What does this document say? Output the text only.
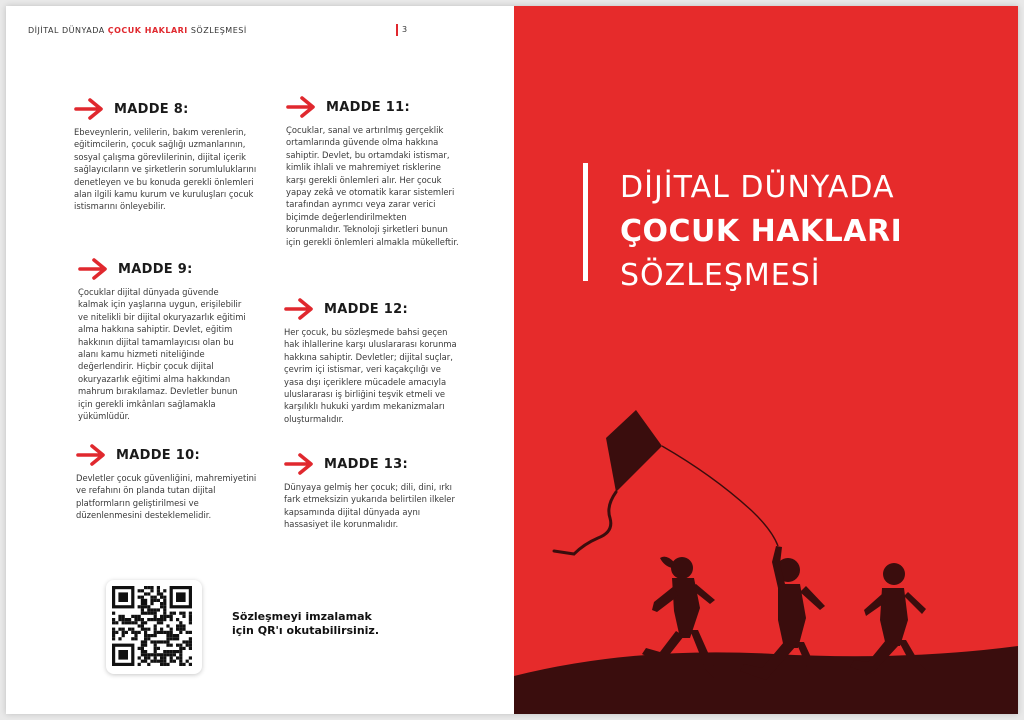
DİJİTAL DÜNYADA ÇOCUK HAKLARI SÖZLEŞMESİ	3
MADDE 8:
Ebeveynlerin, velilerin, bakım verenlerin, eğitimcilerin, çocuk sağlığı uzmanlarının, sosyal çalışma görevlilerinin, dijital içerik sağlayıcıların ve şirketlerin sorumluluklarını denetleyen ve bu konuda gerekli önlemleri alan ilgili kamu kurum ve kuruluşları çocuk istismarını önleyebilir.
MADDE 9:
Çocuklar dijital dünyada güvende kalmak için yaşlarına uygun, erişilebilir ve nitelikli bir dijital okuryazarlık eğitimi alma hakkına sahiptir. Devlet, eğitim hakkının dijital tamamlayıcısı olan bu alanı kamu hizmeti niteliğinde değerlendirir. Hiçbir çocuk dijital okuryazarlık eğitimi alma hakkından mahrum bırakılamaz. Devletler bunun için gerekli imkânları sağlamakla yükümlüdür.
MADDE 10:
Devletler çocuk güvenliğini, mahremiyetini ve refahını ön planda tutan dijital platformların geliştirilmesi ve düzenlenmesini desteklemelidir.
MADDE 11:
Çocuklar, sanal ve artırılmış gerçeklik ortamlarında güvende olma hakkına sahiptir. Devlet, bu ortamdaki istismar, kimlik ihlali ve mahremiyet risklerine karşı gerekli önlemleri alır. Her çocuk yapay zekâ ve otomatik karar sistemleri tarafından ayrımcı veya zarar verici biçimde değerlendirilmekten korunmalıdır. Teknoloji şirketleri bunun için gerekli önlemleri almakla mükelleftir.
MADDE 12:
Her çocuk, bu sözleşmede bahsi geçen hak ihlallerine karşı uluslararası korunma hakkına sahiptir. Devletler; dijital suçlar, çevrim içi istismar, veri kaçakçılığı ve yasa dışı içeriklere mücadele amacıyla uluslararası iş birliğini teşvik etmeli ve karşılıklı hukuki yardım mekanizmaları oluşturmalıdır.
MADDE 13:
Dünyaya gelmiş her çocuk; dili, dini, ırkı fark etmeksizin yukarıda belirtilen ilkeler kapsamında dijital dünyada aynı hassasiyet ile korunmalıdır.
Sözleşmeyi imzalamak
için QR'ı okutabilirsiniz.
DİJİTAL DÜNYADA
ÇOCUK HAKLARI
SÖZLEŞMESİ
